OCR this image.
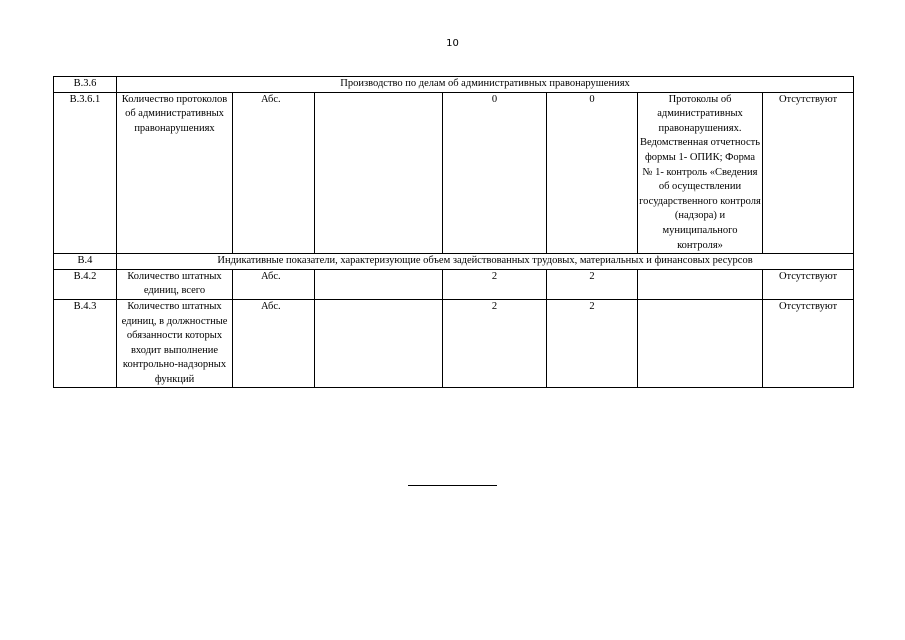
10
В.3.6	Производство по делам об административных правонарушениях						
В.3.6.1	Количество протоколов об административных правонарушениях	Абс.		0	0	Протоколы об административных правонарушениях. Ведомственная отчетность формы 1- ОПИК; Форма № 1- контроль «Сведения об осуществлении государственного контроля (надзора) и муниципального контроля»	Отсутствуют
В.4	Индикативные показатели, характеризующие объем задействованных трудовых, материальных и финансовых ресурсов						
В.4.2	Количество штатных единиц, всего	Абс.		2	2		Отсутствуют
В.4.3	Количество штатных единиц, в должностные обязанности которых входит выполнение контрольно-надзорных функций	Абс.		2	2		Отсутствуют
